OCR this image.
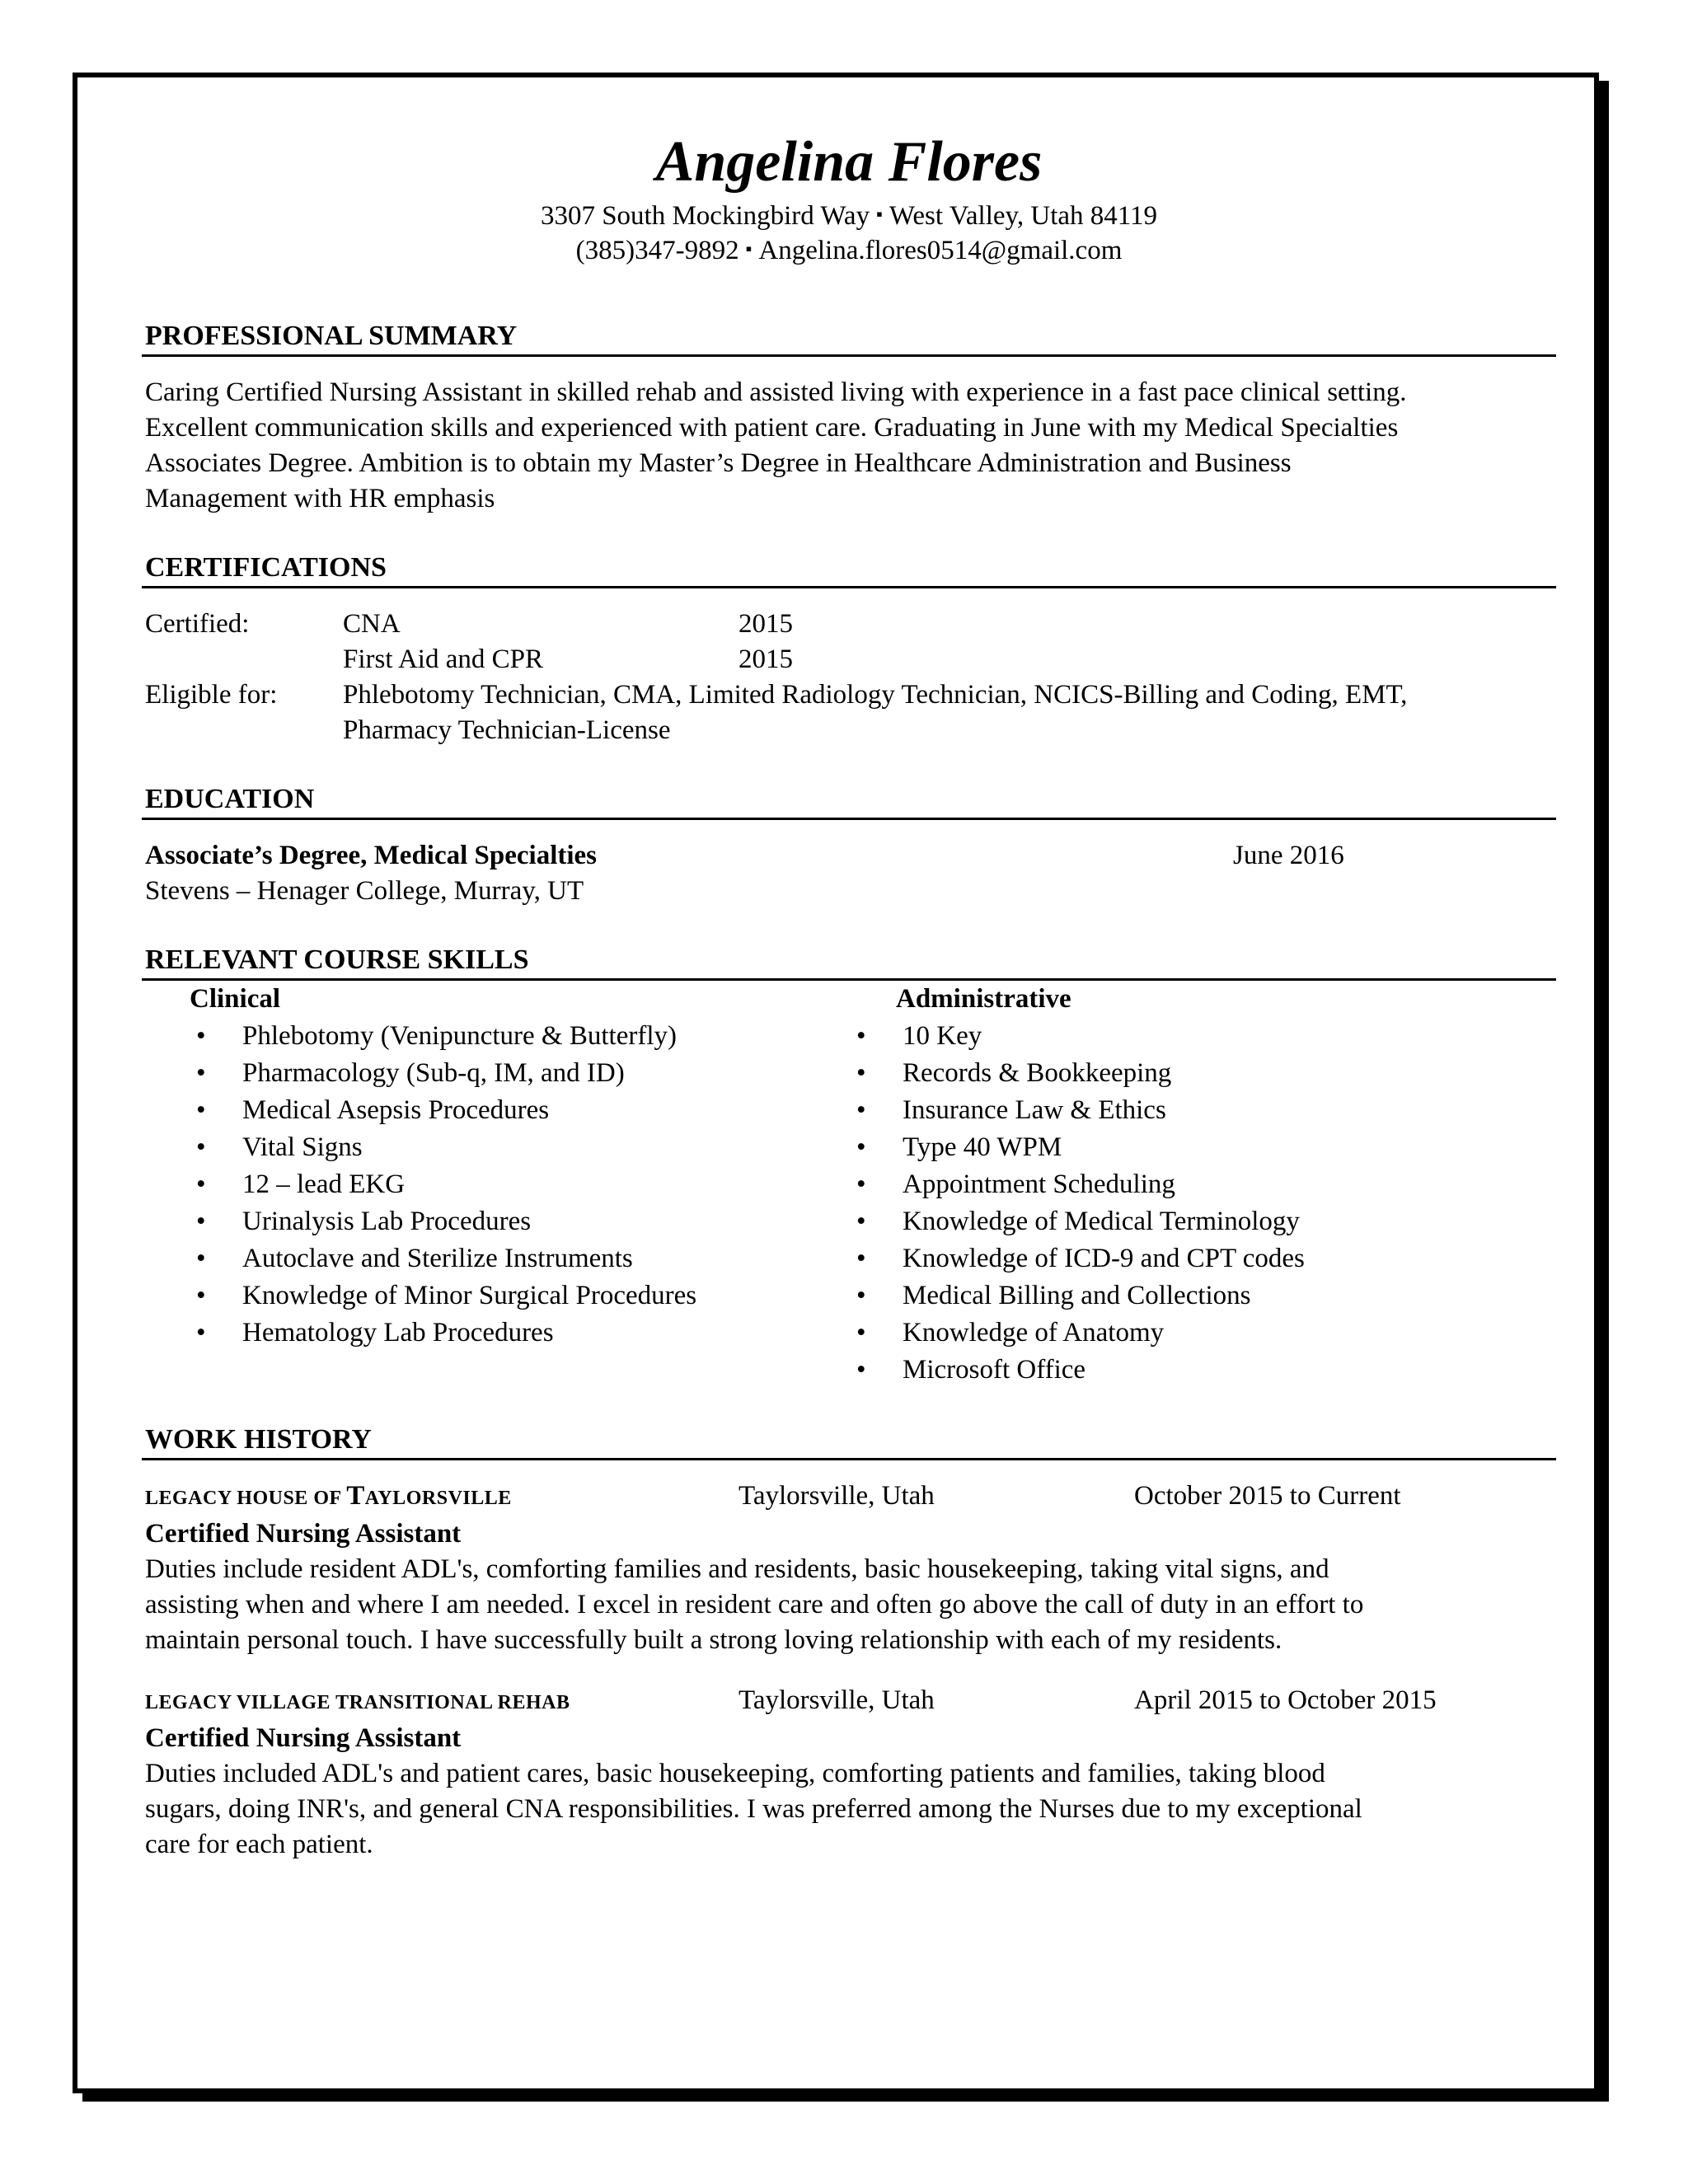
Angelina Flores
3307 South Mockingbird Way ▪ West Valley, Utah 84119
(385)347-9892 ▪ Angelina.flores0514@gmail.com
PROFESSIONAL SUMMARY
Caring Certified Nursing Assistant in skilled rehab and assisted living with experience in a fast pace clinical setting.
Excellent communication skills and experienced with patient care. Graduating in June with my Medical Specialties
Associates Degree. Ambition is to obtain my Master’s Degree in Healthcare Administration and Business
Management with HR emphasis
CERTIFICATIONS
Certified:	CNA	2015
First Aid and CPR	2015
Eligible for:	Phlebotomy Technician, CMA, Limited Radiology Technician, NCICS-Billing and Coding, EMT,
Pharmacy Technician-License
EDUCATION
Associate’s Degree, Medical Specialties	June 2016
Stevens – Henager College, Murray, UT
RELEVANT COURSE SKILLS
Clinical
• Phlebotomy (Venipuncture & Butterfly)
• Pharmacology (Sub-q, IM, and ID)
• Medical Asepsis Procedures
• Vital Signs
• 12 – lead EKG
• Urinalysis Lab Procedures
• Autoclave and Sterilize Instruments
• Knowledge of Minor Surgical Procedures
• Hematology Lab Procedures
Administrative
• 10 Key
• Records & Bookkeeping
• Insurance Law & Ethics
• Type 40 WPM
• Appointment Scheduling
• Knowledge of Medical Terminology
• Knowledge of ICD-9 and CPT codes
• Medical Billing and Collections
• Knowledge of Anatomy
• Microsoft Office
WORK HISTORY
LEGACY HOUSE OF TAYLORSVILLE	Taylorsville, Utah	October 2015 to Current
Certified Nursing Assistant
Duties include resident ADL's, comforting families and residents, basic housekeeping, taking vital signs, and
assisting when and where I am needed. I excel in resident care and often go above the call of duty in an effort to
maintain personal touch. I have successfully built a strong loving relationship with each of my residents.
LEGACY VILLAGE TRANSITIONAL REHAB	Taylorsville, Utah	April 2015 to October 2015
Certified Nursing Assistant
Duties included ADL's and patient cares, basic housekeeping, comforting patients and families, taking blood
sugars, doing INR's, and general CNA responsibilities. I was preferred among the Nurses due to my exceptional
care for each patient.
